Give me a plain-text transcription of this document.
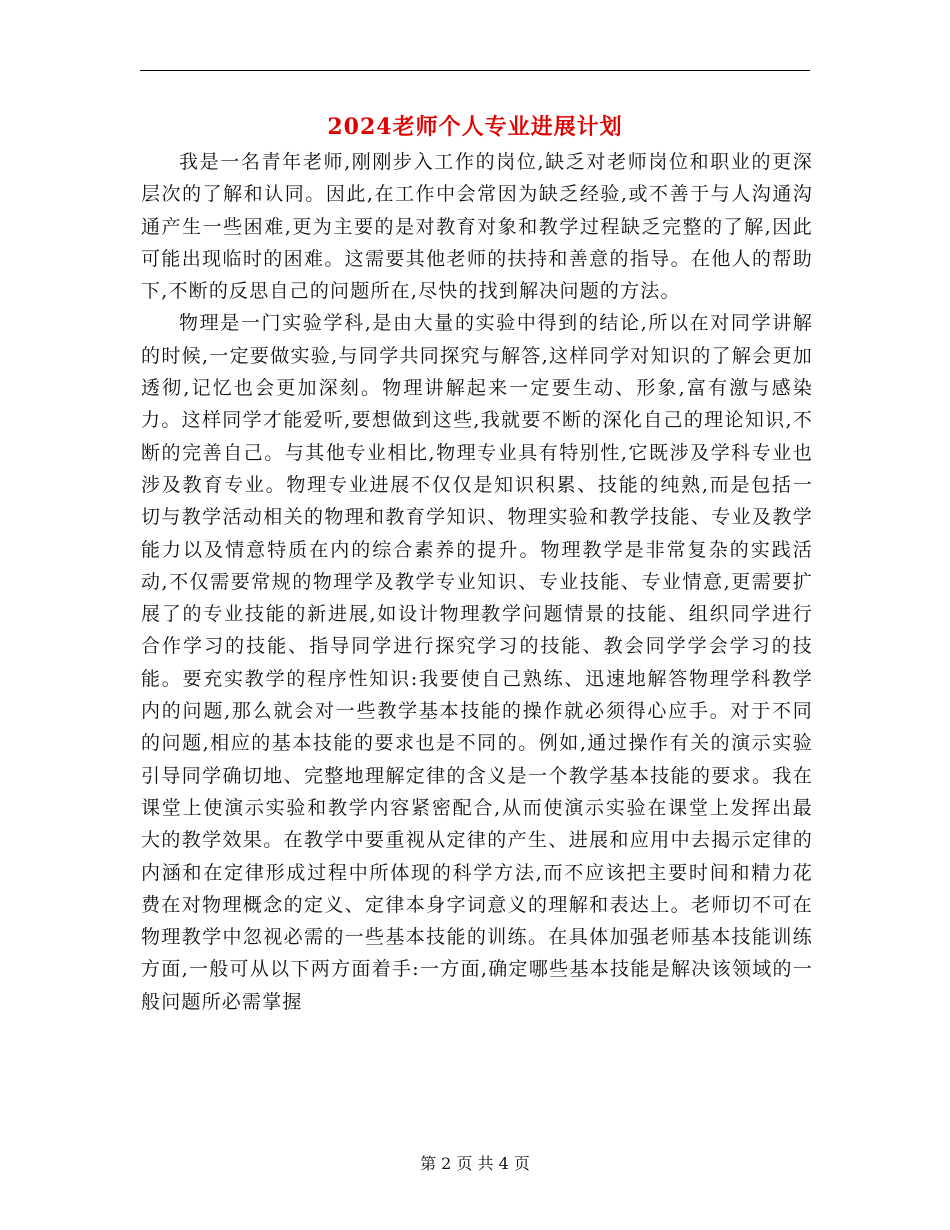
2024老师个人专业进展计划

我是一名青年老师,刚刚步入工作的岗位,缺乏对老师岗位和职业的更深层次的了解和认同。因此,在工作中会常因为缺乏经验,或不善于与人沟通沟通产生一些困难,更为主要的是对教育对象和教学过程缺乏完整的了解,因此可能出现临时的困难。这需要其他老师的扶持和善意的指导。在他人的帮助下,不断的反思自己的问题所在,尽快的找到解决问题的方法。

物理是一门实验学科,是由大量的实验中得到的结论,所以在对同学讲解的时候,一定要做实验,与同学共同探究与解答,这样同学对知识的了解会更加透彻,记忆也会更加深刻。物理讲解起来一定要生动、形象,富有激与感染力。这样同学才能爱听,要想做到这些,我就要不断的深化自己的理论知识,不断的完善自己。与其他专业相比,物理专业具有特别性,它既涉及学科专业也涉及教育专业。物理专业进展不仅仅是知识积累、技能的纯熟,而是包括一切与教学活动相关的物理和教育学知识、物理实验和教学技能、专业及教学能力以及情意特质在内的综合素养的提升。物理教学是非常复杂的实践活动,不仅需要常规的物理学及教学专业知识、专业技能、专业情意,更需要扩展了的专业技能的新进展,如设计物理教学问题情景的技能、组织同学进行合作学习的技能、指导同学进行探究学习的技能、教会同学学会学习的技能。要充实教学的程序性知识:我要使自己熟练、迅速地解答物理学科教学内的问题,那么就会对一些教学基本技能的操作就必须得心应手。对于不同的问题,相应的基本技能的要求也是不同的。例如,通过操作有关的演示实验引导同学确切地、完整地理解定律的含义是一个教学基本技能的要求。我在课堂上使演示实验和教学内容紧密配合,从而使演示实验在课堂上发挥出最大的教学效果。在教学中要重视从定律的产生、进展和应用中去揭示定律的内涵和在定律形成过程中所体现的科学方法,而不应该把主要时间和精力花费在对物理概念的定义、定律本身字词意义的理解和表达上。老师切不可在物理教学中忽视必需的一些基本技能的训练。在具体加强老师基本技能训练方面,一般可从以下两方面着手:一方面,确定哪些基本技能是解决该领域的一般问题所必需掌握

第 2 页 共 4 页
